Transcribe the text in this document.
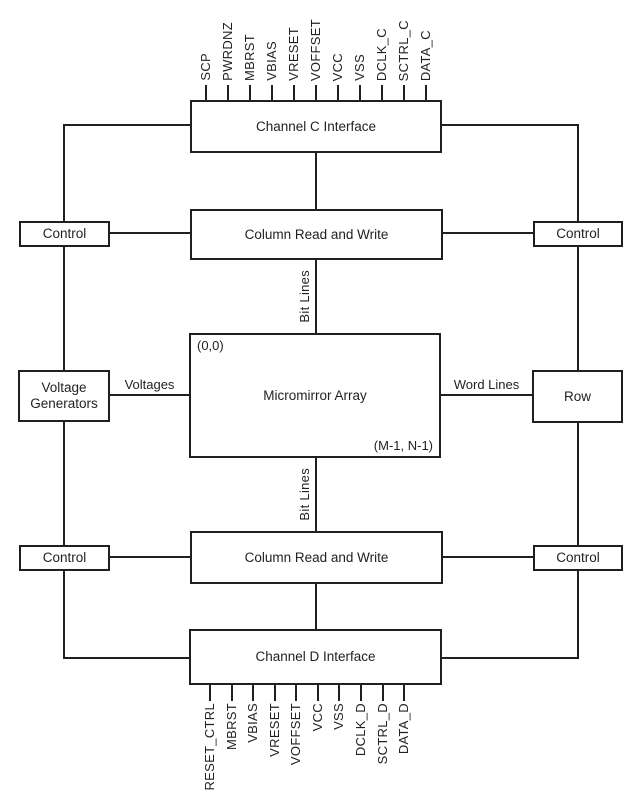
Channel C Interface
Column Read and Write
(0,0)
Micromirror Array
(M-1, N-1)
Column Read and Write
Channel D Interface
Control	Control
Voltage Generators	Row
Control	Control
Voltages	Word Lines
Bit Lines
Bit Lines
SCP PWRDNZ MBRST VBIAS VRESET VOFFSET VCC VSS DCLK_C SCTRL_C DATA_C
RESET_CTRL MBRST VBIAS VRESET VOFFSET VCC VSS DCLK_D SCTRL_D DATA_D
